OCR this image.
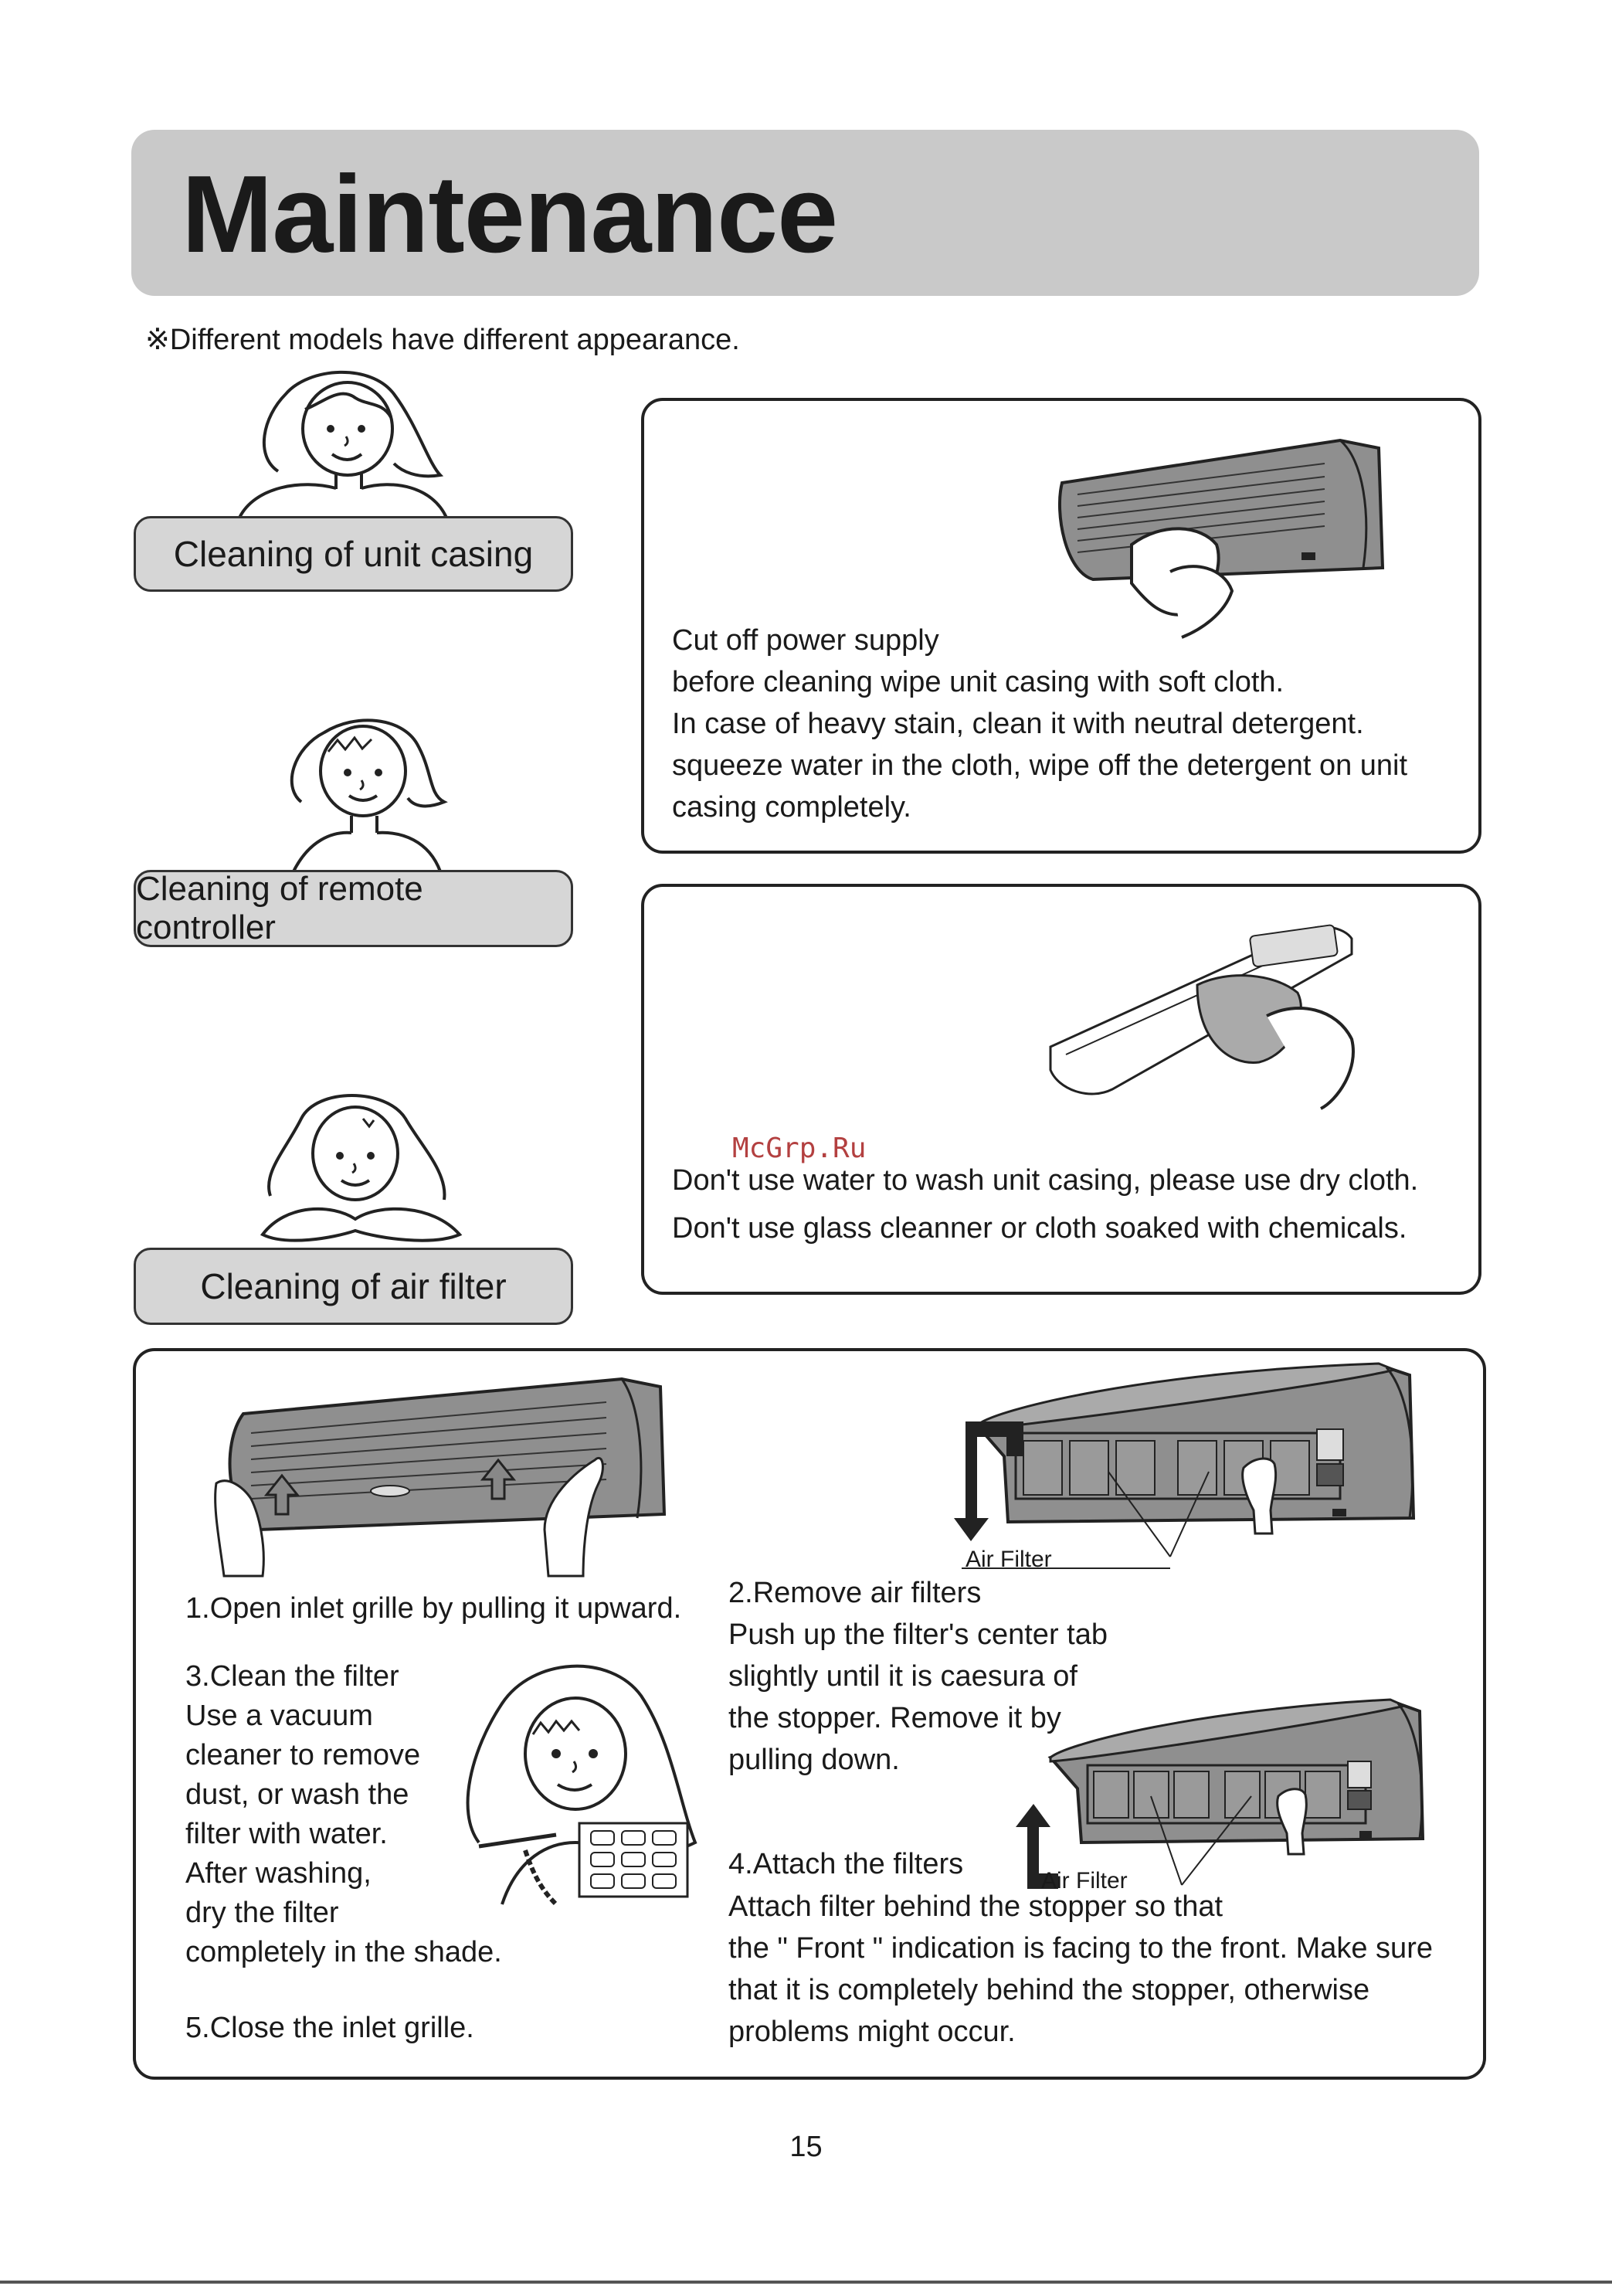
Maintenance
※Different models have different appearance.
Cleaning of unit casing
Cut off power supply
before cleaning wipe unit casing with soft cloth.
In case of heavy stain, clean it with neutral detergent.
squeeze water in the cloth, wipe off the detergent on unit
casing completely.
Cleaning of remote controller
McGrp.Ru
Don't use water to wash unit casing, please use dry cloth.
Don't use glass cleanner or cloth soaked with chemicals.
Cleaning of air filter
1.Open inlet grille by pulling it upward.
Air Filter
2.Remove air filters
Push up the filter's center tab
slightly until it is caesura of
the stopper. Remove it by
pulling down.
3.Clean the filter
Use a vacuum
cleaner to remove
dust, or wash the
filter with water.
After washing,
dry the filter
completely in the shade.
4.Attach the filters
Air Filter
Attach filter behind the stopper so that
the " Front " indication is facing to the front. Make sure
that it is completely behind the stopper, otherwise
problems might occur.
5.Close the inlet grille.
15
